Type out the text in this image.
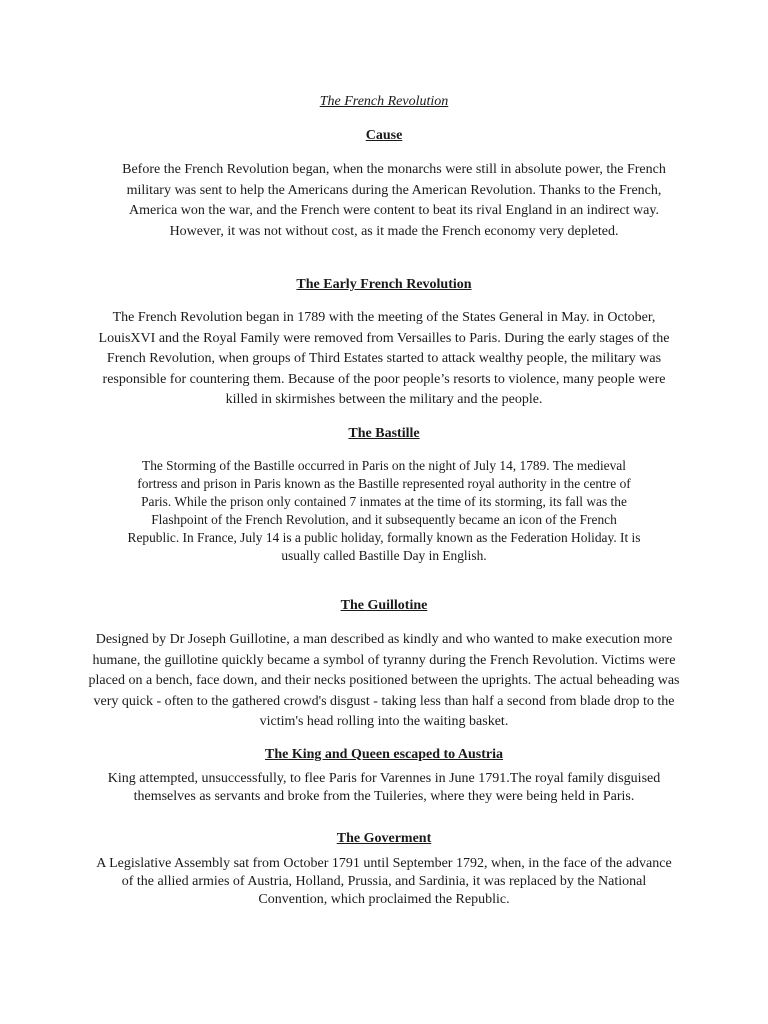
The French Revolution
Cause

Before the French Revolution began, when the monarchs were still in absolute power, the French military was sent to help the Americans during the American Revolution. Thanks to the French, America won the war, and the French were content to beat its rival England in an indirect way. However, it was not without cost, as it made the French economy very depleted.

The Early French Revolution

The French Revolution began in 1789 with the meeting of the States General in May. in October, LouisXVI and the Royal Family were removed from Versailles to Paris. During the early stages of the French Revolution, when groups of Third Estates started to attack wealthy people, the military was responsible for countering them. Because of the poor people’s resorts to violence, many people were killed in skirmishes between the military and the people.

The Bastille

The Storming of the Bastille occurred in Paris on the night of July 14, 1789. The medieval fortress and prison in Paris known as the Bastille represented royal authority in the centre of Paris. While the prison only contained 7 inmates at the time of its storming, its fall was the Flashpoint of the French Revolution, and it subsequently became an icon of the French Republic. In France, July 14 is a public holiday, formally known as the Federation Holiday. It is usually called Bastille Day in English.

The Guillotine

Designed by Dr Joseph Guillotine, a man described as kindly and who wanted to make execution more humane, the guillotine quickly became a symbol of tyranny during the French Revolution. Victims were placed on a bench, face down, and their necks positioned between the uprights. The actual beheading was very quick - often to the gathered crowd's disgust - taking less than half a second from blade drop to the victim's head rolling into the waiting basket.

The King and Queen escaped to Austria

King attempted, unsuccessfully, to flee Paris for Varennes in June 1791.The royal family disguised themselves as servants and broke from the Tuileries, where they were being held in Paris.

The Goverment

A Legislative Assembly sat from October 1791 until September 1792, when, in the face of the advance of the allied armies of Austria, Holland, Prussia, and Sardinia, it was replaced by the National Convention, which proclaimed the Republic.
